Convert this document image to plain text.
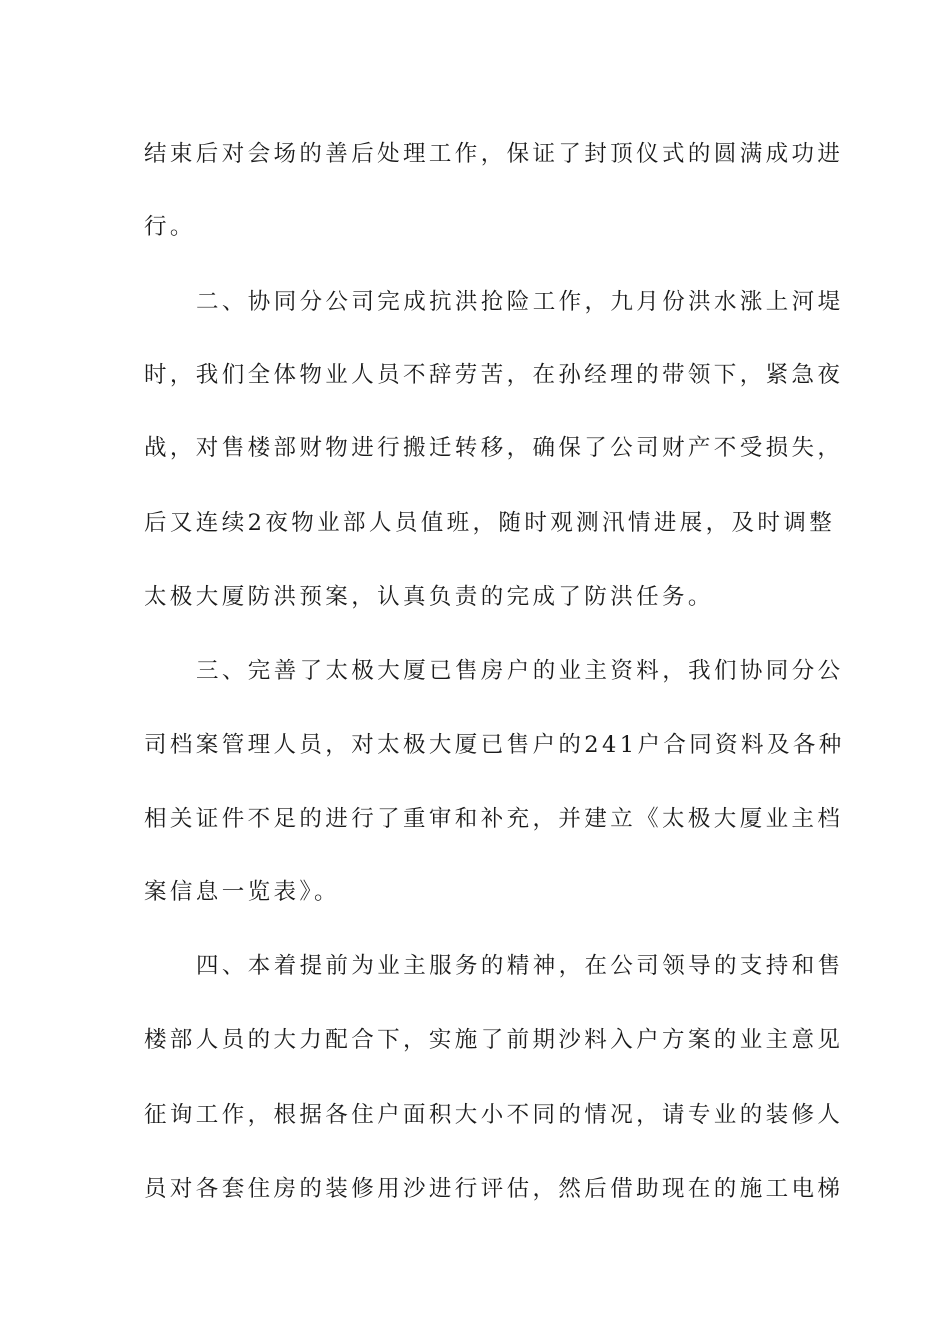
结束后对会场的善后处理工作，保证了封顶仪式的圆满成功进
行。
二、协同分公司完成抗洪抢险工作，九月份洪水涨上河堤
时，我们全体物业人员不辞劳苦，在孙经理的带领下，紧急夜
战，对售楼部财物进行搬迁转移，确保了公司财产不受损失，
后又连续2夜物业部人员值班，随时观测汛情进展，及时调整
太极大厦防洪预案，认真负责的完成了防洪任务。
三、完善了太极大厦已售房户的业主资料，我们协同分公
司档案管理人员，对太极大厦已售户的241户合同资料及各种
相关证件不足的进行了重审和补充，并建立《太极大厦业主档
案信息一览表》。
四、本着提前为业主服务的精神，在公司领导的支持和售
楼部人员的大力配合下，实施了前期沙料入户方案的业主意见
征询工作，根据各住户面积大小不同的情况，请专业的装修人
员对各套住房的装修用沙进行评估，然后借助现在的施工电梯
